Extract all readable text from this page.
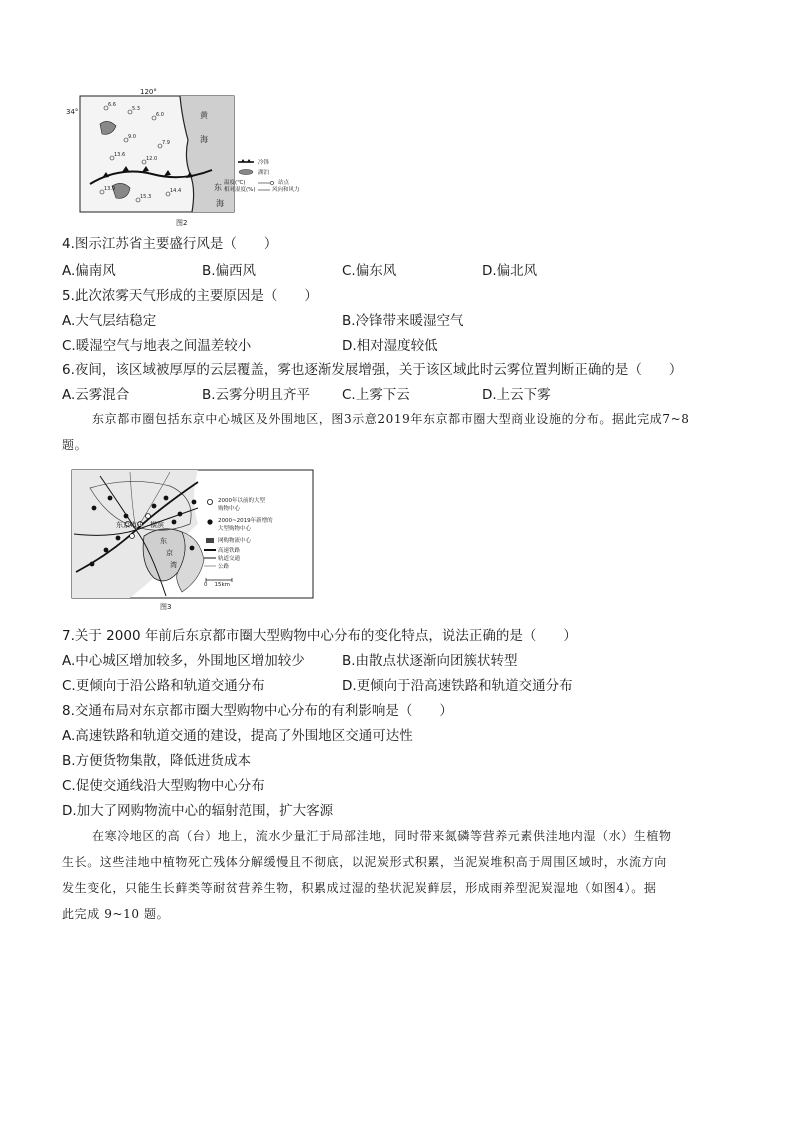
6.6
5.3
6.0
9.0
7.9
13.6
12.0
13.9	14.4
15.3
冷锋
湖泊
温度(℃)	站点
相对湿度(%)	风向和风力
120°
34°	黄
海
东
海
图2
4.图示江苏省主要盛行风是（　　）
A.偏南风	B.偏西风	C.偏东风	D.偏北风
5.此次浓雾天气形成的主要原因是（　　）
A.大气层结稳定	B.冷锋带来暖湿空气
C.暖湿空气与地表之间温差较小	D.相对湿度较低
6.夜间，该区域被厚厚的云层覆盖，雾也逐渐发展增强，关于该区域此时云雾位置判断正确的是（　　）
A.云雾混合	B.云雾分明且齐平 C.上雾下云	D.上云下雾
东京都市圈包括东京中心城区及外围地区，图3示意2019年东京都市圈大型商业设施的分布。据此完成7~8
题。
东京市中 横滨
东
京
湾
2000年以前的大型
购物中心
2000~2019年新增的
大型购物中心
网购物流中心
高速铁路
轨道交通
公路
0    15km
图3
7.关于 2000 年前后东京都市圈大型购物中心分布的变化特点，说法正确的是（　　）
A.中心城区增加较多，外围地区增加较少	B.由散点状逐渐向团簇状转型
C.更倾向于沿公路和轨道交通分布	D.更倾向于沿高速铁路和轨道交通分布
8.交通布局对东京都市圈大型购物中心分布的有利影响是（　　）
A.高速铁路和轨道交通的建设，提高了外围地区交通可达性
B.方便货物集散，降低进货成本
C.促使交通线沿大型购物中心分布
D.加大了网购物流中心的辐射范围，扩大客源
在寒冷地区的高（台）地上，流水少量汇于局部洼地，同时带来氮磷等营养元素供洼地内湿（水）生植物
生长。这些洼地中植物死亡残体分解缓慢且不彻底，以泥炭形式积累，当泥炭堆积高于周围区域时，水流方向
发生变化，只能生长藓类等耐贫营养生物，积累成过湿的垫状泥炭藓层，形成雨养型泥炭湿地（如图4）。据
此完成 9~10 题。
